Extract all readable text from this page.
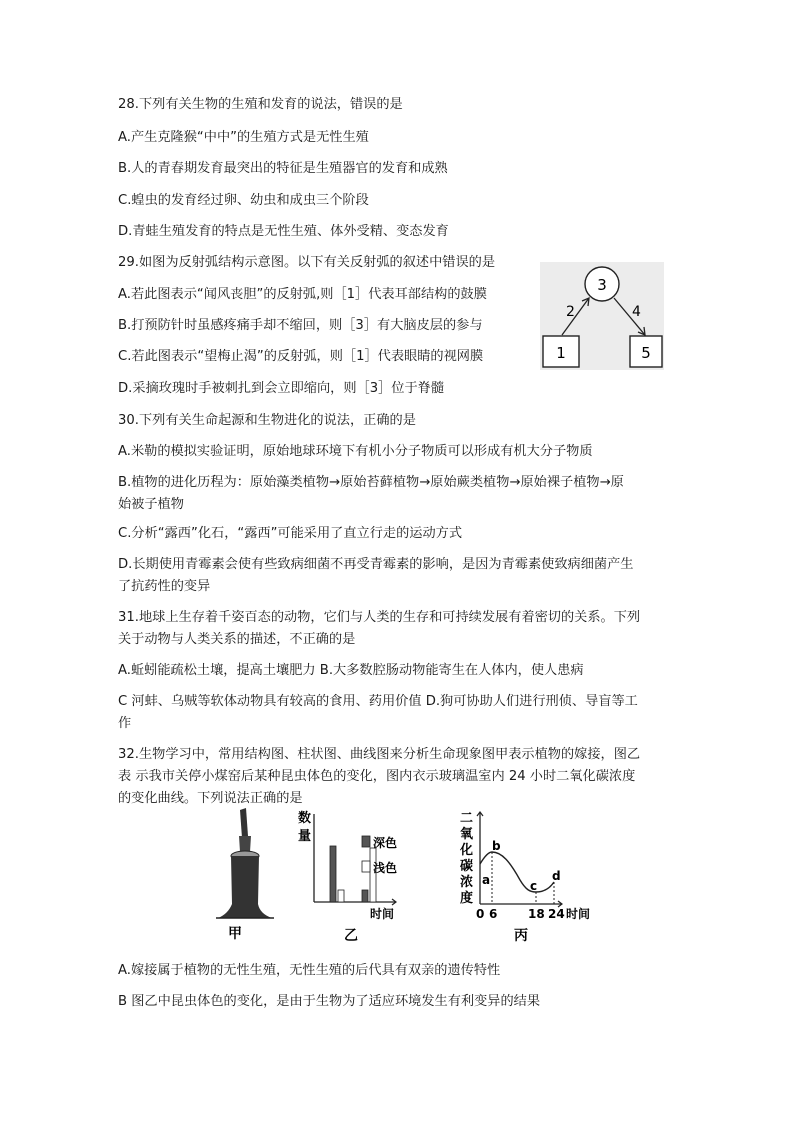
28.下列有关生物的生殖和发育的说法，错误的是
A.产生克隆猴“中中”的生殖方式是无性生殖
B.人的青春期发育最突出的特征是生殖器官的发育和成熟
C.蝗虫的发育经过卵、幼虫和成虫三个阶段
D.青蛙生殖发育的特点是无性生殖、体外受精、变态发育
29.如图为反射弧结构示意图。以下有关反射弧的叙述中错误的是
A.若此图表示“闻风丧胆”的反射弧,则［1］代表耳部结构的鼓膜
B.打预防针时虽感疼痛手却不缩回，则［3］有大脑皮层的参与
C.若此图表示“望梅止渴”的反射弧，则［1］代表眼睛的视网膜
D.采摘玫瑰时手被刺扎到会立即缩向，则［3］位于脊髓
3
1	5
2	4
30.下列有关生命起源和生物进化的说法，正确的是
A.米勒的模拟实验证明，原始地球环境下有机小分子物质可以形成有机大分子物质
B.植物的进化历程为：原始藻类植物→原始苔藓植物→原始蕨类植物→原始裸子植物→原
始被子植物
C.分析“露西”化石，“露西”可能采用了直立行走的运动方式
D.长期使用青霉素会使有些致病细菌不再受青霉素的影响，是因为青霉素使致病细菌产生
了抗药性的变异
31.地球上生存着千姿百态的动物，它们与人类的生存和可持续发展有着密切的关系。下列
关于动物与人类关系的描述，不正确的是
A.蚯蚓能疏松土壤，提高土壤肥力 B.大多数腔肠动物能寄生在人体内，使人患病
C 河蚌、乌贼等软体动物具有较高的食用、药用价值 D.狗可协助人们进行刑侦、导盲等工
作
32.生物学习中，常用结构图、柱状图、曲线图来分析生命现象图甲表示植物的嫁接，图乙
表 示我市关停小煤窑后某种昆虫体色的变化，图内衣示玻璃温室内 24 小时二氧化碳浓度
的变化曲线。下列说法正确的是
甲
数
量
时间
深色
浅色
乙
二
氧
化
碳
浓
度
a
b
c
d
0 6	18 24 时间
丙
A.嫁接属于植物的无性生殖，无性生殖的后代具有双亲的遗传特性
B 图乙中昆虫体色的变化，是由于生物为了适应环境发生有利变异的结果
